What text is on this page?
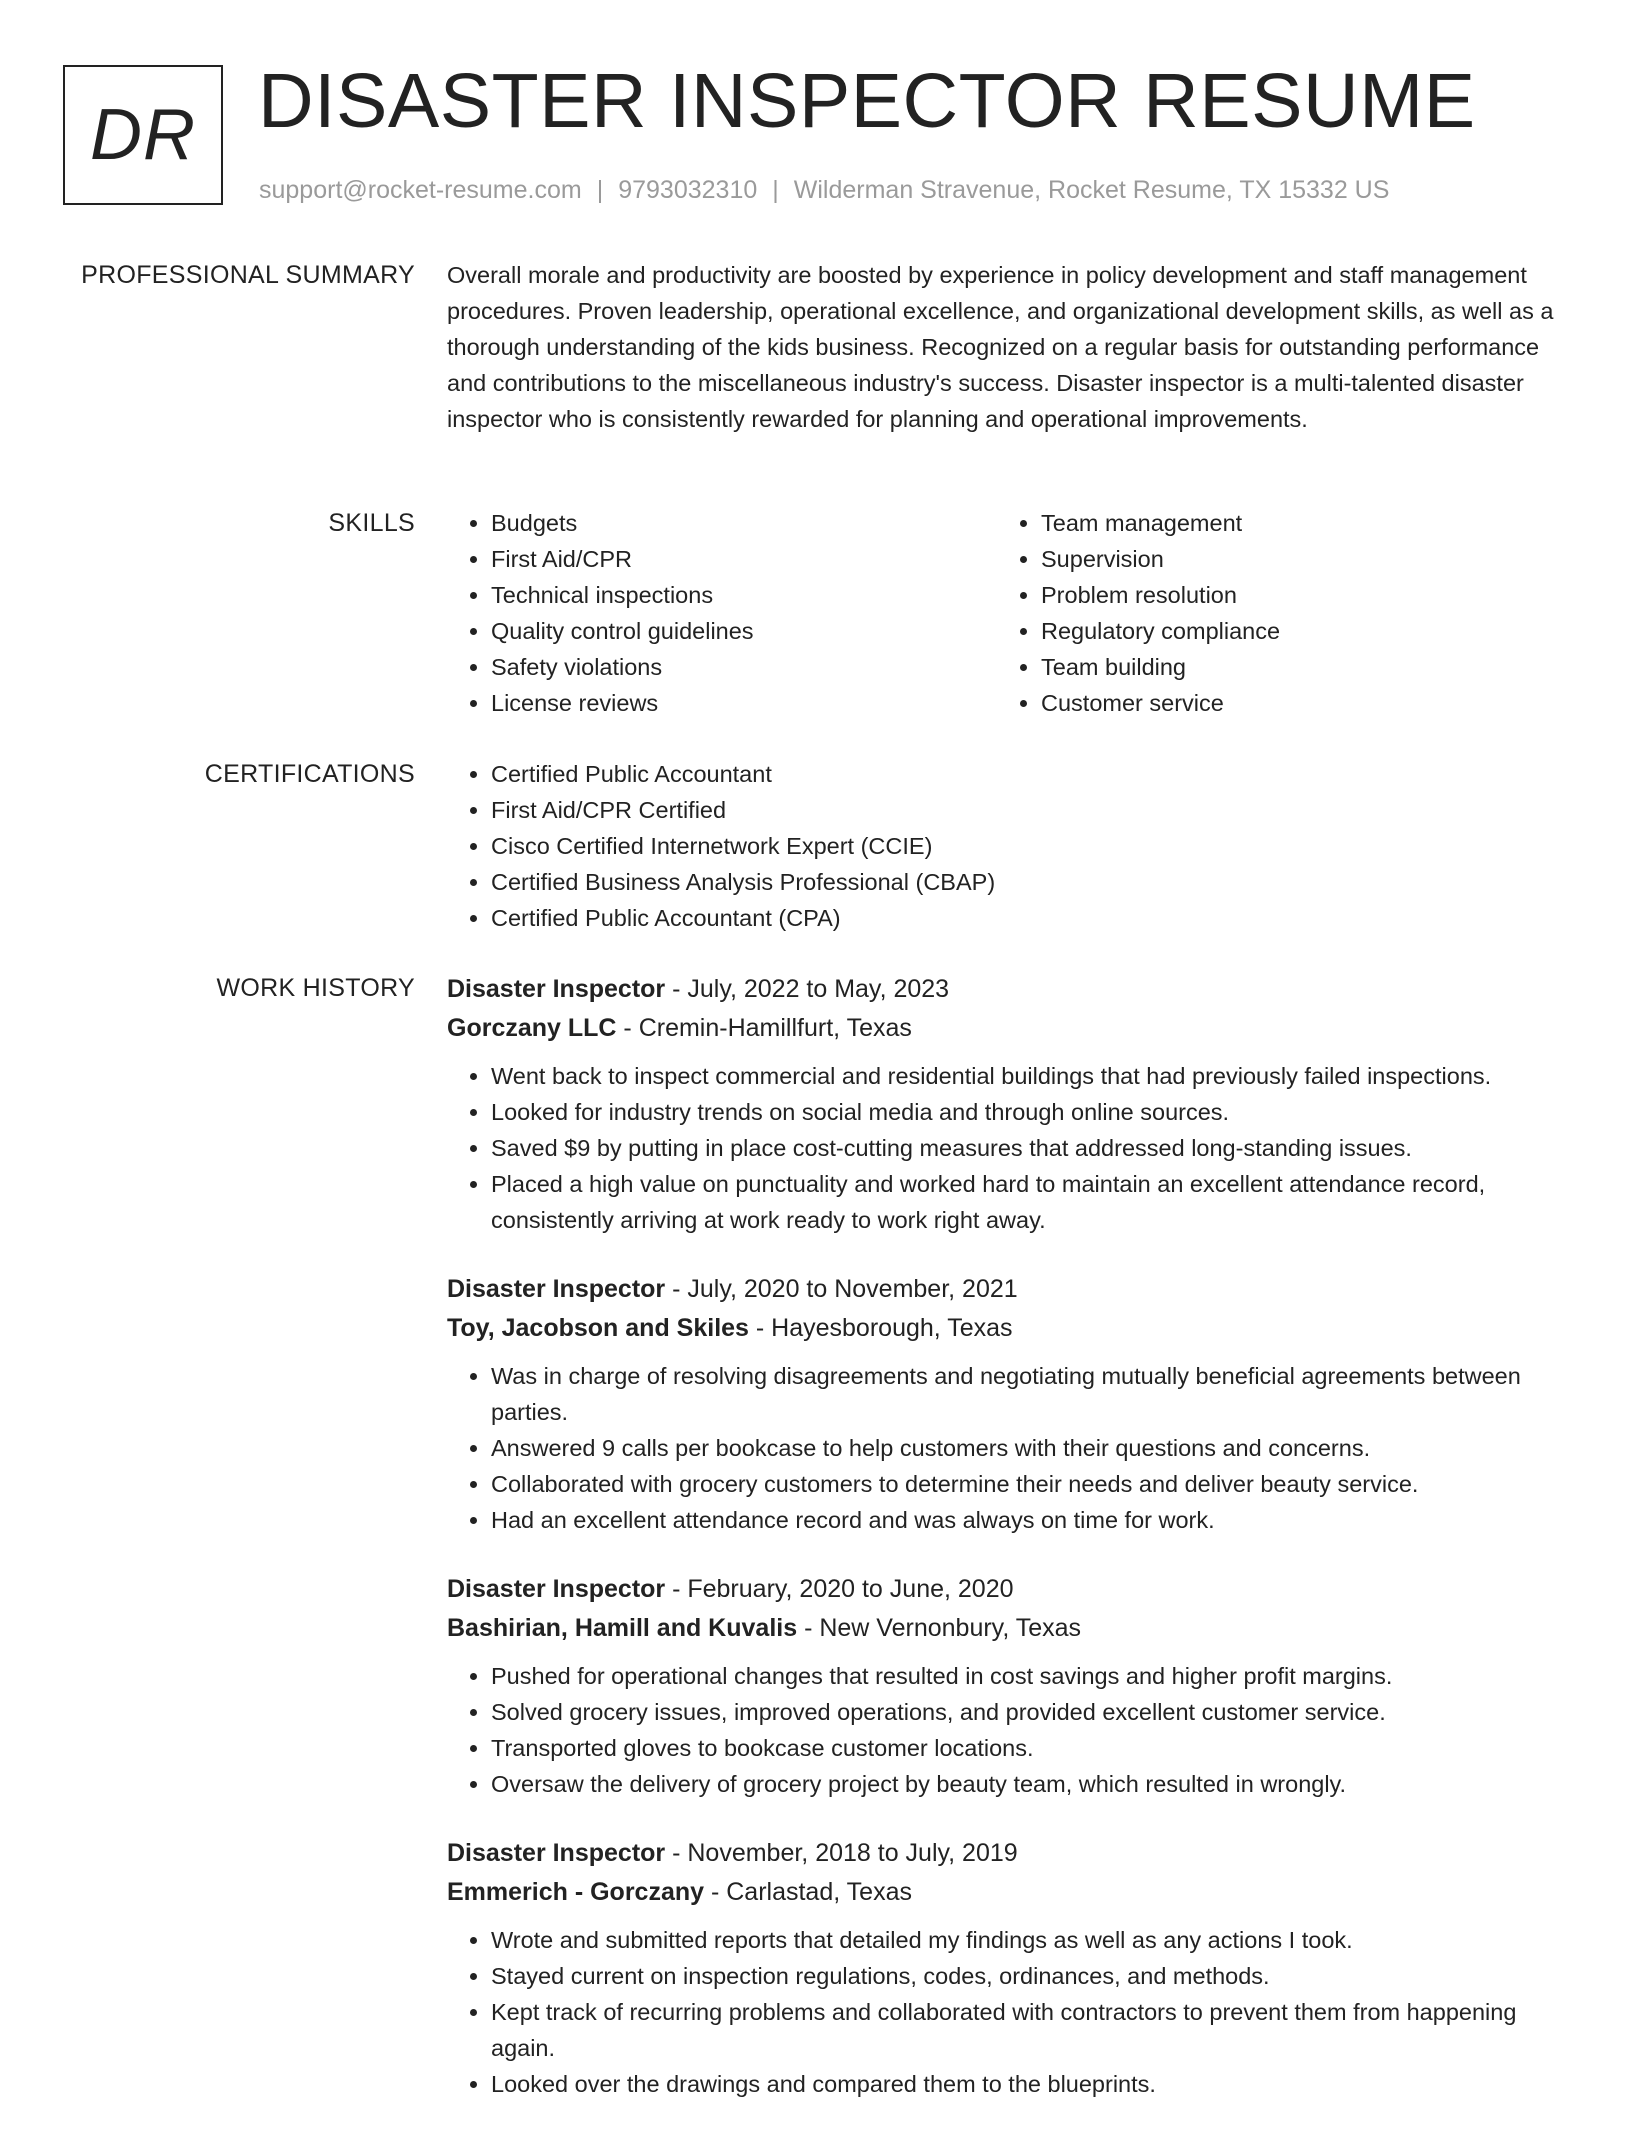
DR DISASTER INSPECTOR RESUME
support@rocket-resume.com | 9793032310 | Wilderman Stravenue, Rocket Resume, TX 15332 US
PROFESSIONAL SUMMARY Overall morale and productivity are boosted by experience in policy development and staff management procedures. Proven leadership, operational excellence, and organizational development skills, as well as a thorough understanding of the kids business. Recognized on a regular basis for outstanding performance and contributions to the miscellaneous industry's success. Disaster inspector is a multi-talented disaster inspector who is consistently rewarded for planning and operational improvements.

SKILLS	• Budgets
• First Aid/CPR
• Technical inspections
• Quality control guidelines
• Safety violations
• License reviews
• Team management
• Supervision
• Problem resolution
• Regulatory compliance
• Team building
• Customer service
CERTIFICATIONS	• Certified Public Accountant
• First Aid/CPR Certified
• Cisco Certified Internetwork Expert (CCIE)
• Certified Business Analysis Professional (CBAP)
• Certified Public Accountant (CPA)
WORK HISTORY Disaster Inspector - July, 2022 to May, 2023
Gorczany LLC - Cremin-Hamillfurt, Texas
• Went back to inspect commercial and residential buildings that had previously failed inspections.
• Looked for industry trends on social media and through online sources.
• Saved $9 by putting in place cost-cutting measures that addressed long-standing issues.
• Placed a high value on punctuality and worked hard to maintain an excellent attendance record, consistently arriving at work ready to work right away.
Disaster Inspector - July, 2020 to November, 2021
Toy, Jacobson and Skiles - Hayesborough, Texas
• Was in charge of resolving disagreements and negotiating mutually beneficial agreements between parties.
• Answered 9 calls per bookcase to help customers with their questions and concerns.
• Collaborated with grocery customers to determine their needs and deliver beauty service.
• Had an excellent attendance record and was always on time for work.
Disaster Inspector - February, 2020 to June, 2020
Bashirian, Hamill and Kuvalis - New Vernonbury, Texas
• Pushed for operational changes that resulted in cost savings and higher profit margins.
• Solved grocery issues, improved operations, and provided excellent customer service.
• Transported gloves to bookcase customer locations.
• Oversaw the delivery of grocery project by beauty team, which resulted in wrongly.
Disaster Inspector - November, 2018 to July, 2019
Emmerich - Gorczany - Carlastad, Texas
• Wrote and submitted reports that detailed my findings as well as any actions I took.
• Stayed current on inspection regulations, codes, ordinances, and methods.
• Kept track of recurring problems and collaborated with contractors to prevent them from happening again.
• Looked over the drawings and compared them to the blueprints.
